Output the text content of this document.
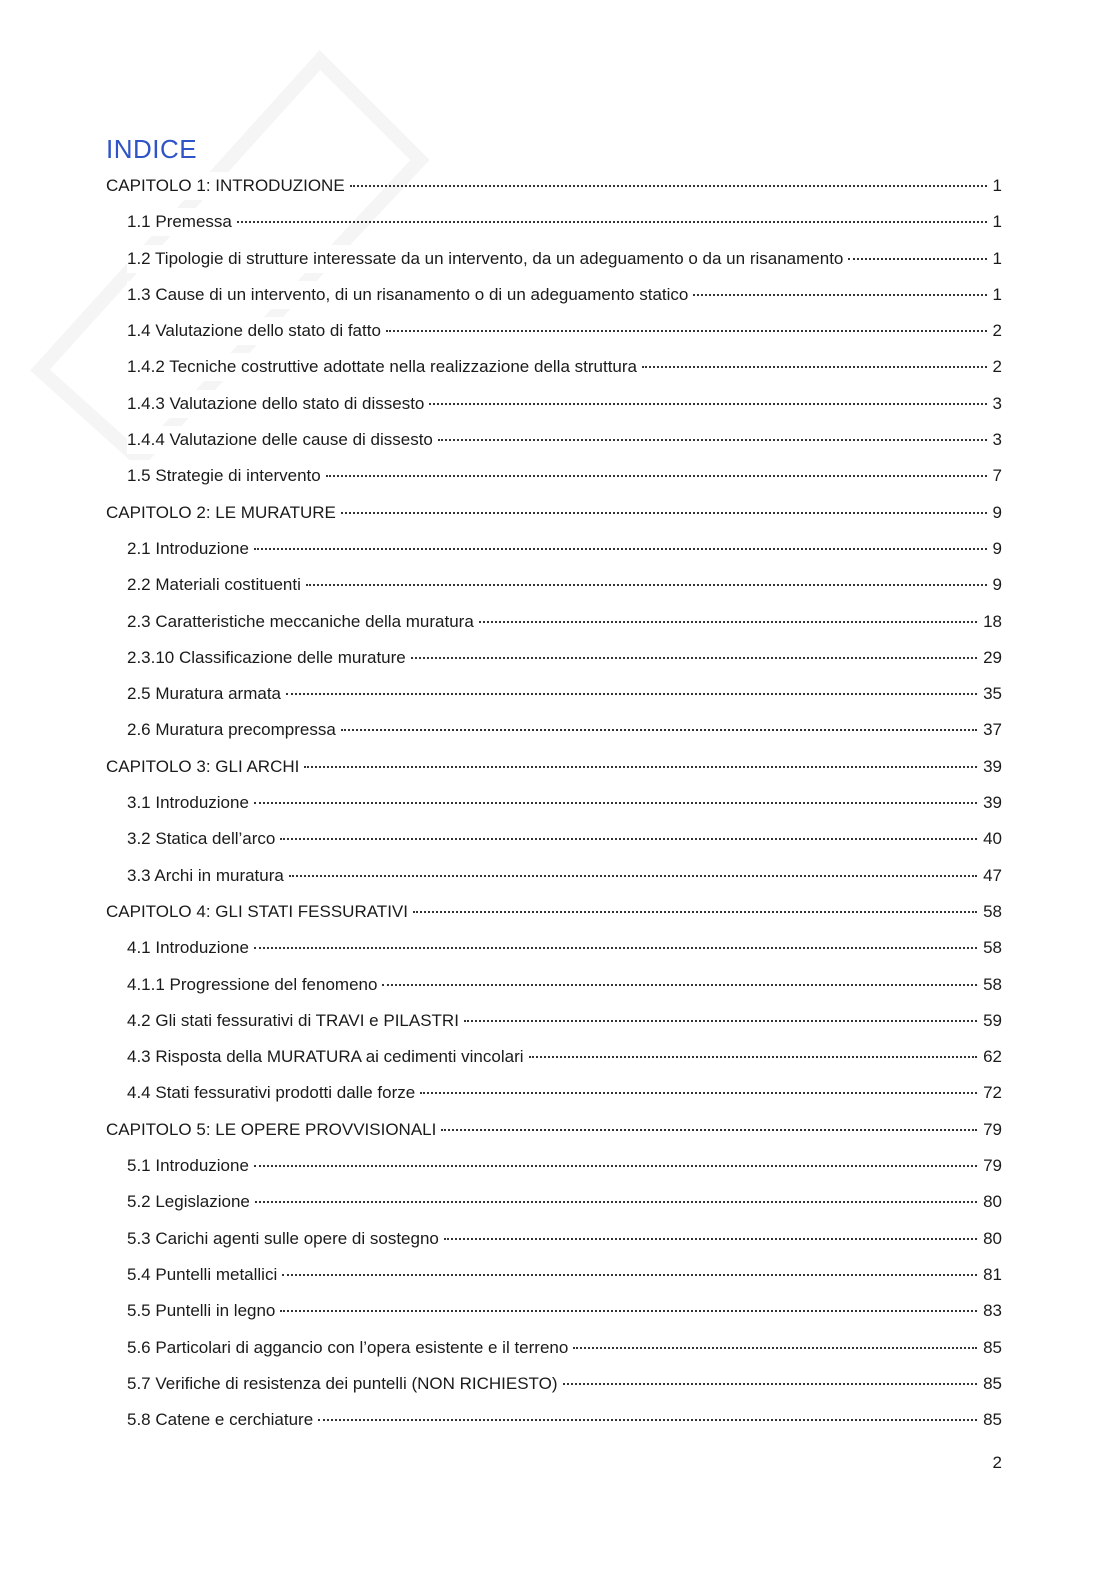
INDICE
CAPITOLO 1: INTRODUZIONE	1
1.1 Premessa	1
1.2 Tipologie di strutture interessate da un intervento, da un adeguamento o da un risanamento	1
1.3 Cause di un intervento, di un risanamento o di un adeguamento statico	1
1.4 Valutazione dello stato di fatto	2
1.4.2 Tecniche costruttive adottate nella realizzazione della struttura	2
1.4.3 Valutazione dello stato di dissesto	3
1.4.4 Valutazione delle cause di dissesto	3
1.5 Strategie di intervento	7
CAPITOLO 2: LE MURATURE	9
2.1 Introduzione	9
2.2 Materiali costituenti	9
2.3 Caratteristiche meccaniche della muratura	18
2.3.10 Classificazione delle murature	29
2.5 Muratura armata	35
2.6 Muratura precompressa	37
CAPITOLO 3: GLI ARCHI	39
3.1 Introduzione	39
3.2 Statica dell’arco	40
3.3 Archi in muratura	47
CAPITOLO 4: GLI STATI FESSURATIVI	58
4.1 Introduzione	58
4.1.1 Progressione del fenomeno	58
4.2 Gli stati fessurativi di TRAVI e PILASTRI	59
4.3 Risposta della MURATURA ai cedimenti vincolari	62
4.4 Stati fessurativi prodotti dalle forze	72
CAPITOLO 5: LE OPERE PROVVISIONALI	79
5.1 Introduzione	79
5.2 Legislazione	80
5.3 Carichi agenti sulle opere di sostegno	80
5.4 Puntelli metallici	81
5.5 Puntelli in legno	83
5.6 Particolari di aggancio con l’opera esistente e il terreno	85
5.7 Verifiche di resistenza dei puntelli (NON RICHIESTO)	85
5.8 Catene e cerchiature	85
2
